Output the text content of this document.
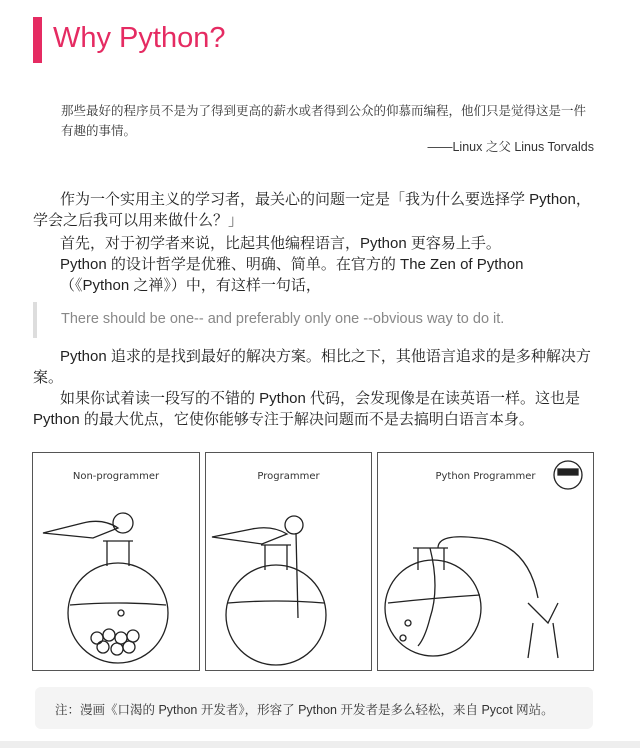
Why Python?
那些最好的程序员不是为了得到更高的薪水或者得到公众的仰慕而编程，他们只是觉得这是一件有趣的事情。
——Linux 之父 Linus Torvalds
作为一个实用主义的学习者，最关心的问题一定是「我为什么要选择学 Python，学会之后我可以用来做什么？」
首先，对于初学者来说，比起其他编程语言，Python 更容易上手。
Python 的设计哲学是优雅、明确、简单。在官方的 The Zen of Python
（《Python 之禅》）中，有这样一句话，
There should be one-- and preferably only one --obvious way to do it.
Python 追求的是找到最好的解决方案。相比之下，其他语言追求的是多种解决方案。
如果你试着读一段写的不错的 Python 代码，会发现像是在读英语一样。这也是 Python 的最大优点，它使你能够专注于解决问题而不是去搞明白语言本身。
Non-programmer	Programmer	Python Programmer
注：漫画《口渴的 Python 开发者》，形容了 Python 开发者是多么轻松，来自 Pycot 网站。
